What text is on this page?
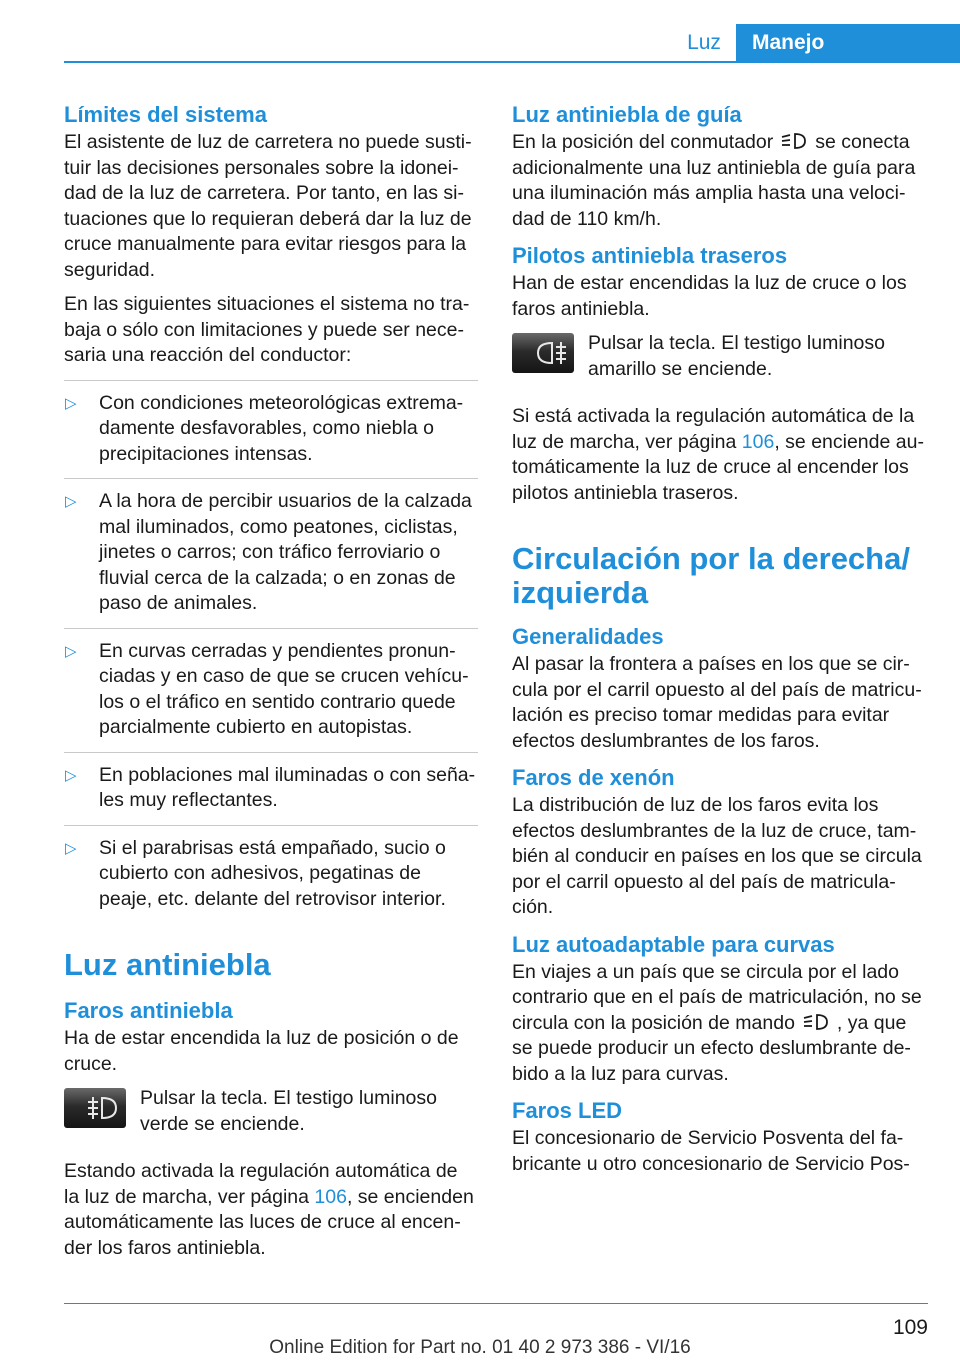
Luz	Manejo
Límites del sistema

El asistente de luz de carretera no puede susti- tuir las decisiones personales sobre la idonei- dad de la luz de carretera. Por tanto, en las si- tuaciones que lo requieran deberá dar la luz de cruce manualmente para evitar riesgos para la seguridad.

En las siguientes situaciones el sistema no tra- baja o sólo con limitaciones y puede ser nece- saria una reacción del conductor:

▷ Con condiciones meteorológicas extrema- damente desfavorables, como niebla o precipitaciones intensas.
▷ A la hora de percibir usuarios de la calzada mal iluminados, como peatones, ciclistas, jinetes o carros; con tráfico ferroviario o fluvial cerca de la calzada; o en zonas de paso de animales.
▷ En curvas cerradas y pendientes pronun- ciadas y en caso de que se crucen vehícu- los o el tráfico en sentido contrario quede parcialmente cubierto en autopistas.
▷ En poblaciones mal iluminadas o con seña- les muy reflectantes.
▷ Si el parabrisas está empañado, sucio o cubierto con adhesivos, pegatinas de peaje, etc. delante del retrovisor interior.
Luz antiniebla
Faros antiniebla

Ha de estar encendida la luz de posición o de cruce.

Pulsar la tecla. El testigo luminoso verde se enciende.

Estando activada la regulación automática de la luz de marcha, ver página 106, se encienden automáticamente las luces de cruce al encen- der los faros antiniebla.

Luz antiniebla de guía

En la posición del conmutador se conecta adicionalmente una luz antiniebla de guía para una iluminación más amplia hasta una veloci- dad de 110 km/h.

Pilotos antiniebla traseros

Han de estar encendidas la luz de cruce o los faros antiniebla.

Pulsar la tecla. El testigo luminoso amarillo se enciende.

Si está activada la regulación automática de la luz de marcha, ver página 106, se enciende au- tomáticamente la luz de cruce al encender los pilotos antiniebla traseros.

Circulación por la derecha/ izquierda
Generalidades

Al pasar la frontera a países en los que se cir- cula por el carril opuesto al del país de matricu- lación es preciso tomar medidas para evitar efectos deslumbrantes de los faros.

Faros de xenón

La distribución de luz de los faros evita los efectos deslumbrantes de la luz de cruce, tam- bién al conducir en países en los que se circula por el carril opuesto al del país de matricula- ción.

Luz autoadaptable para curvas

En viajes a un país que se circula por el lado contrario que en el país de matriculación, no se circula con la posición de mando , ya que se puede producir un efecto deslumbrante de- bido a la luz para curvas.

Faros LED

El concesionario de Servicio Posventa del fa- bricante u otro concesionario de Servicio Pos-

109
Online Edition for Part no. 01 40 2 973 386 - VI/16
